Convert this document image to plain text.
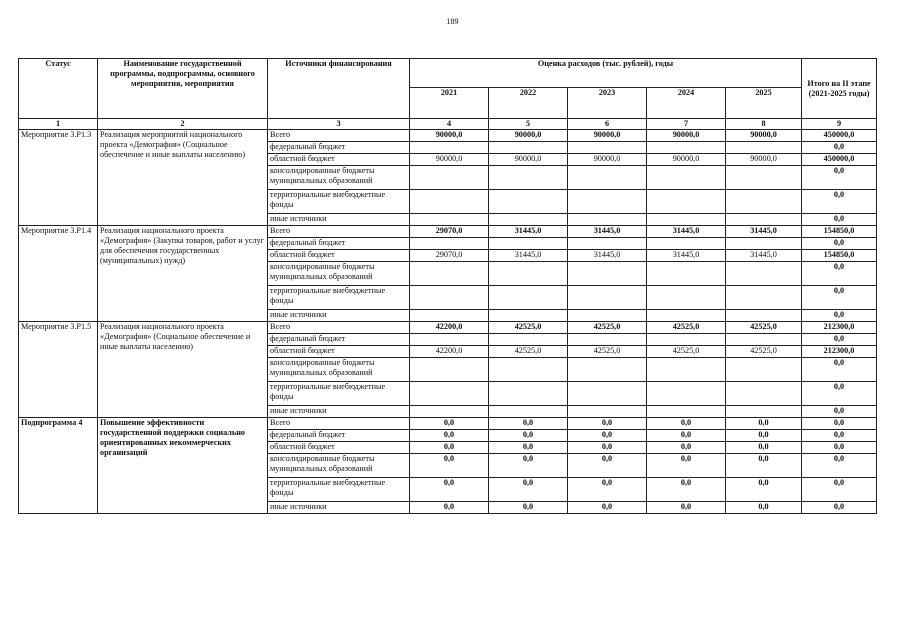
189
Статус	Наименование государственной программы, подпрограммы, основного мероприятия, мероприятия	Источники финансирования	Оценка расходов (тыс. рублей), годы					Итого на II этапе (2021-2025 годы)
			2021	2022	2023	2024	2025	
1	2	3	4	5	6	7	8	9
Мероприятие 3.Р1.3	Реализация мероприятий национального проекта «Демография» (Социальное обеспечение и иные выплаты населению)	Всего	90000,0	90000,0	90000,0	90000,0	90000,0	450000,0
		федеральный бюджет						0,0
		областной бюджет	90000,0	90000,0	90000,0	90000,0	90000,0	450000,0
		консолидированные бюджеты муниципальных образований						0,0
		территориальные внебюджетные фонды						0,0
		иные источники						0,0
Мероприятие 3.Р1.4	Реализация национального проекта «Демография» (Закупка товаров, работ и услуг для обеспечения государственных (муниципальных) нужд)	Всего	29070,0	31445,0	31445,0	31445,0	31445,0	154850,0
		федеральный бюджет						0,0
		областной бюджет	29070,0	31445,0	31445,0	31445,0	31445,0	154850,0
		консолидированные бюджеты муниципальных образований						0,0
		территориальные внебюджетные фонды						0,0
		иные источники						0,0
Мероприятие 3.Р1.5	Реализация национального проекта «Демография» (Социальное обеспечение и иные выплаты населению)	Всего	42200,0	42525,0	42525,0	42525,0	42525,0	212300,0
		федеральный бюджет						0,0
		областной бюджет	42200,0	42525,0	42525,0	42525,0	42525,0	212300,0
		консолидированные бюджеты муниципальных образований						0,0
		территориальные внебюджетные фонды						0,0
		иные источники						0,0
Подпрограмма 4	Повышение эффективности государственной поддержки социально ориентированных некоммерческих организаций	Всего	0,0	0,0	0,0	0,0	0,0	0,0
		федеральный бюджет	0,0	0,0	0,0	0,0	0,0	0,0
		областной бюджет	0,0	0,0	0,0	0,0	0,0	0,0
		консолидированные бюджеты муниципальных образований	0,0	0,0	0,0	0,0	0,0	0,0
		территориальные внебюджетные фонды	0,0	0,0	0,0	0,0	0,0	0,0
		иные источники	0,0	0,0	0,0	0,0	0,0	0,0
